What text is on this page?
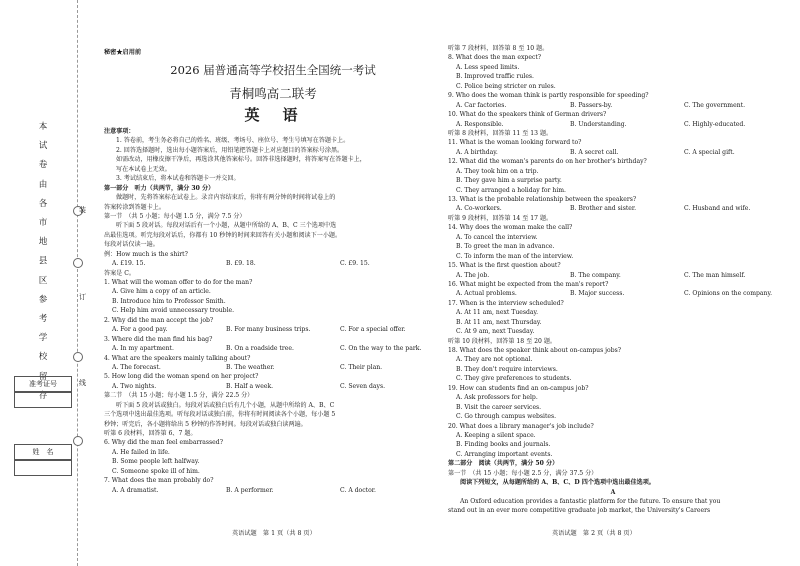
本
试
卷
由
各
市
地
县
区
参
考
学
校
留
存
装
订
线
准考证号
姓　名
秘密★启用前
2026 届普通高等学校招生全国统一考试
青桐鸣高二联考
英　语
注意事项：
1. 答卷前，考生务必将自己的姓名、班级、考场号、座位号、考生号填写在答题卡上。
2. 回答选择题时，选出每小题答案后，用铅笔把答题卡上对应题目的答案标号涂黑。
如需改动，用橡皮擦干净后，再选涂其他答案标号。回答非选择题时，将答案写在答题卡上，
写在本试卷上无效。
3. 考试结束后，将本试卷和答题卡一并交回。
第一部分　听力（共两节，满分 30 分）
做题时，先将答案标在试卷上。录音内容结束后，你将有两分钟的时间将试卷上的
答案转涂到答题卡上。
第一节　（共 5 小题；每小题 1.5 分，满分 7.5 分）
听下面 5 段对话。每段对话后有一个小题，从题中所给的 A、B、C 三个选项中选
出最佳选项。听完每段对话后，你都有 10 秒钟的时间来回答有关小题和阅读下一小题。
每段对话仅读一遍。
例：How much is the shirt?
A. £19. 15.	B. £9. 18.	C. £9. 15.
答案是 C。
1. What will the woman offer to do for the man?
A. Give him a copy of an article.
B. Introduce him to Professor Smith.
C. Help him avoid unnecessary trouble.
2. Why did the man accept the job?
A. For a good pay.	B. For many business trips.	C. For a special offer.
3. Where did the man find his bag?
A. In my apartment.	B. On a roadside tree.	C. On the way to the park.
4. What are the speakers mainly talking about?
A. The forecast.	B. The weather.	C. Their plan.
5. How long did the woman spend on her project?
A. Two nights.	B. Half a week.	C. Seven days.
第二节　（共 15 小题；每小题 1.5 分，满分 22.5 分）
听下面 5 段对话或独白。每段对话或独白后有几个小题，从题中所给的 A、B、C
三个选项中选出最佳选项。听每段对话或独白前，你将有时间阅读各个小题，每小题 5
秒钟；听完后，各小题将给出 5 秒钟的作答时间。每段对话或独白读两遍。
听第 6 段材料，回答第 6、7 题。
6. Why did the man feel embarrassed?
A. He failed in life.
B. Some people left halfway.
C. Someone spoke ill of him.
7. What does the man probably do?
A. A dramatist.	B. A performer.	C. A doctor.
听第 7 段材料，回答第 8 至 10 题。
8. What does the man expect?
A. Less speed limits.
B. Improved traffic rules.
C. Police being stricter on rules.
9. Who does the woman think is partly responsible for speeding?
A. Car factories.	B. Passers-by.	C. The government.
10. What do the speakers think of German drivers?
A. Responsible.	B. Understanding.	C. Highly-educated.
听第 8 段材料，回答第 11 至 13 题。
11. What is the woman looking forward to?
A. A birthday.	B. A secret call.	C. A special gift.
12. What did the woman's parents do on her brother's birthday?
A. They took him on a trip.
B. They gave him a surprise party.
C. They arranged a holiday for him.
13. What is the probable relationship between the speakers?
A. Co-workers.	B. Brother and sister.	C. Husband and wife.
听第 9 段材料，回答第 14 至 17 题。
14. Why does the woman make the call?
A. To cancel the interview.
B. To greet the man in advance.
C. To inform the man of the interview.
15. What is the first question about?
A. The job.	B. The company.	C. The man himself.
16. What might be expected from the man's report?
A. Actual problems.	B. Major success.	C. Opinions on the company.
17. When is the interview scheduled?
A. At 11 am, next Tuesday.
B. At 11 am, next Thursday.
C. At 9 am, next Tuesday.
听第 10 段材料，回答第 18 至 20 题。
18. What does the speaker think about on-campus jobs?
A. They are not optional.
B. They don't require interviews.
C. They give preferences to students.
19. How can students find an on-campus job?
A. Ask professors for help.
B. Visit the career services.
C. Go through campus websites.
20. What does a library manager's job include?
A. Keeping a silent space.
B. Finding books and journals.
C. Arranging important events.
第二部分　阅读（共两节，满分 50 分）
第一节　（共 15 小题；每小题 2.5 分，满分 37.5 分）
阅读下列短文，从每题所给的 A、B、C、D 四个选项中选出最佳选项。
A
An Oxford education provides a fantastic platform for the future. To ensure that you
stand out in an ever more competitive graduate job market, the University's Careers
英语试题　第 1 页（共 8 页）	英语试题　第 2 页（共 8 页）
